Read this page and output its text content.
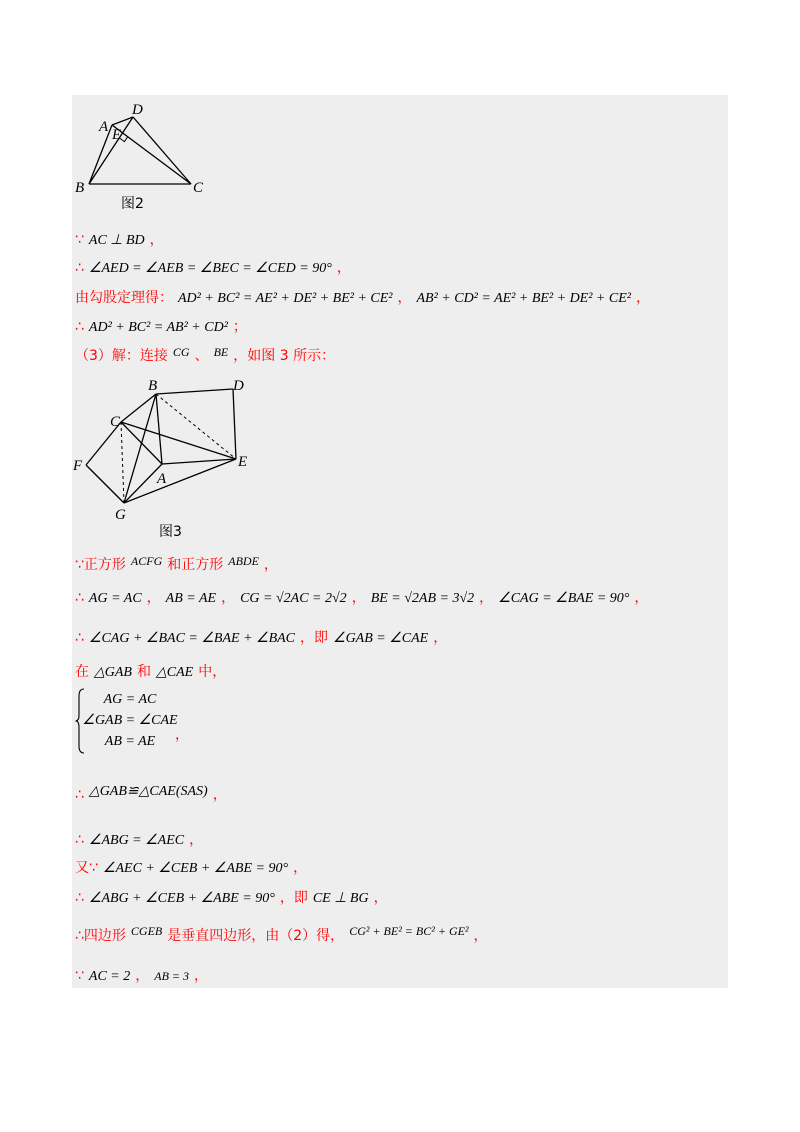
D
A E
B	C
图2
∵ AC ⊥ BD ，
∴ ∠AED = ∠AEB = ∠BEC = ∠CED = 90° ，
由勾股定理得： AD² + BC² = AE² + DE² + BE² + CE² ， AB² + CD² = AE² + BE² + DE² + CE² ，
∴ AD² + BC² = AB² + CD² ；
（3）解：连接 CG 、 BE ，如图 3 所示：
B	D
C
F	E
A
G
图3
∵正方形 ACFG 和正方形 ABDE ，
∴ AG = AC ， AB = AE ， CG = √2AC = 2√2 ， BE = √2AB = 3√2 ， ∠CAG = ∠BAE = 90° ，
∴ ∠CAG + ∠BAC = ∠BAE + ∠BAC ，即 ∠GAB = ∠CAE ，
在 △GAB 和 △CAE 中，
AG = AC
∠GAB = ∠CAE
AB = AE	，
∴ △GAB≌△CAE(SAS) ，
∴ ∠ABG = ∠AEC ，
又∵ ∠AEC + ∠CEB + ∠ABE = 90° ，
∴ ∠ABG + ∠CEB + ∠ABE = 90° ，即 CE ⊥ BG ，
∴四边形 CGEB 是垂直四边形，由（2）得， CG² + BE² = BC² + GE² ，
∵ AC = 2 ， AB = 3 ，
